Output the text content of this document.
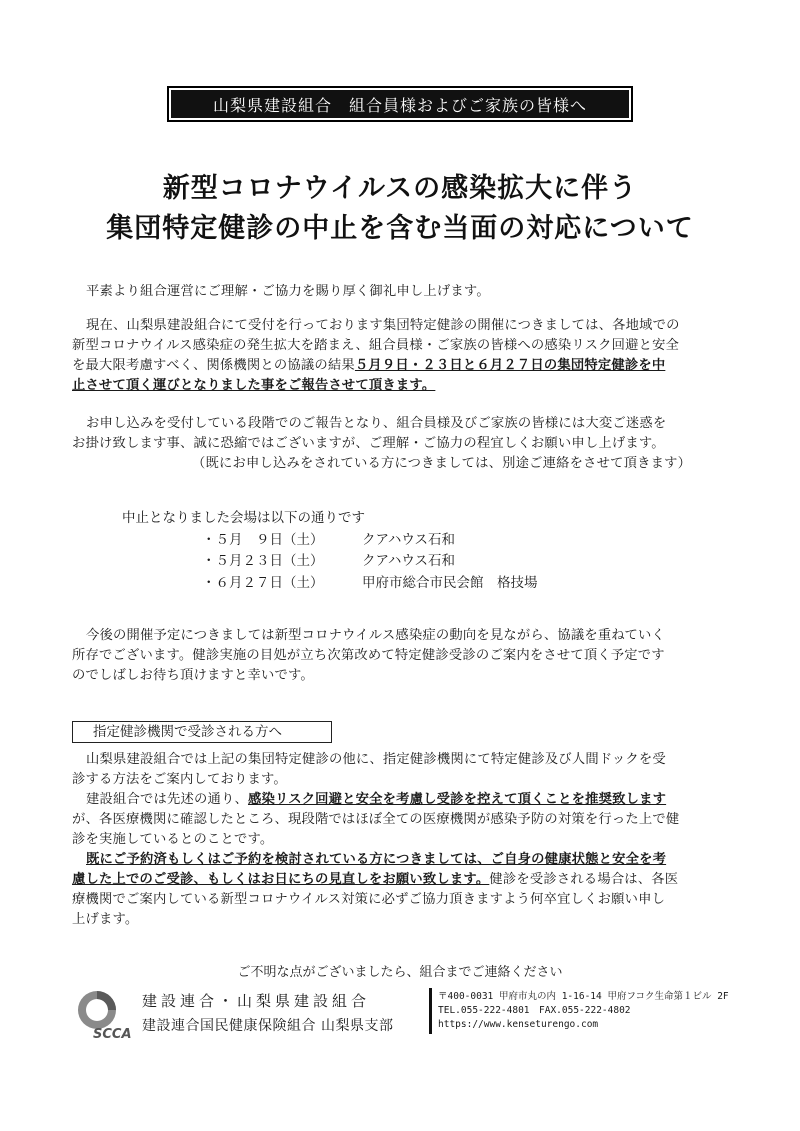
山梨県建設組合　組合員様およびご家族の皆様へ
新型コロナウイルスの感染拡大に伴う
集団特定健診の中止を含む当面の対応について
平素より組合運営にご理解・ご協力を賜り厚く御礼申し上げます。
現在、山梨県建設組合にて受付を行っております集団特定健診の開催につきましては、各地域での
新型コロナウイルス感染症の発生拡大を踏まえ、組合員様・ご家族の皆様への感染リスク回避と安全
を最大限考慮すべく、関係機関との協議の結果５月９日・２３日と６月２７日の集団特定健診を中
止させて頂く運びとなりました事をご報告させて頂きます。
お申し込みを受付している段階でのご報告となり、組合員様及びご家族の皆様には大変ご迷惑を
お掛け致します事、誠に恐縮ではございますが、ご理解・ご協力の程宜しくお願い申し上げます。
（既にお申し込みをされている方につきましては、別途ご連絡をさせて頂きます）
中止となりました会場は以下の通りです
・５月　９日（土）	クアハウス石和
・５月２３日（土）	クアハウス石和
・６月２７日（土）	甲府市総合市民会館　格技場
今後の開催予定につきましては新型コロナウイルス感染症の動向を見ながら、協議を重ねていく
所存でございます。健診実施の目処が立ち次第改めて特定健診受診のご案内をさせて頂く予定です
のでしばしお待ち頂けますと幸いです。
指定健診機関で受診される方へ
山梨県建設組合では上記の集団特定健診の他に、指定健診機関にて特定健診及び人間ドックを受
診する方法をご案内しております。
建設組合では先述の通り、感染リスク回避と安全を考慮し受診を控えて頂くことを推奨致します
が、各医療機関に確認したところ、現段階ではほぼ全ての医療機関が感染予防の対策を行った上で健
診を実施しているとのことです。
既にご予約済もしくはご予約を検討されている方につきましては、ご自身の健康状態と安全を考
慮した上でのご受診、もしくはお日にちの見直しをお願い致します。健診を受診される場合は、各医
療機関でご案内している新型コロナウイルス対策に必ずご協力頂きますよう何卒宜しくお願い申し
上げます。
ご不明な点がございましたら、組合までご連絡ください
SCCA
建設連合・山梨県建設組合
建設連合国民健康保険組合 山梨県支部
〒400-0031 甲府市丸の内 1-16-14 甲府フコク生命第１ビル 2F
TEL.055-222-4801　FAX.055-222-4802
https://www.kenseturengo.com
